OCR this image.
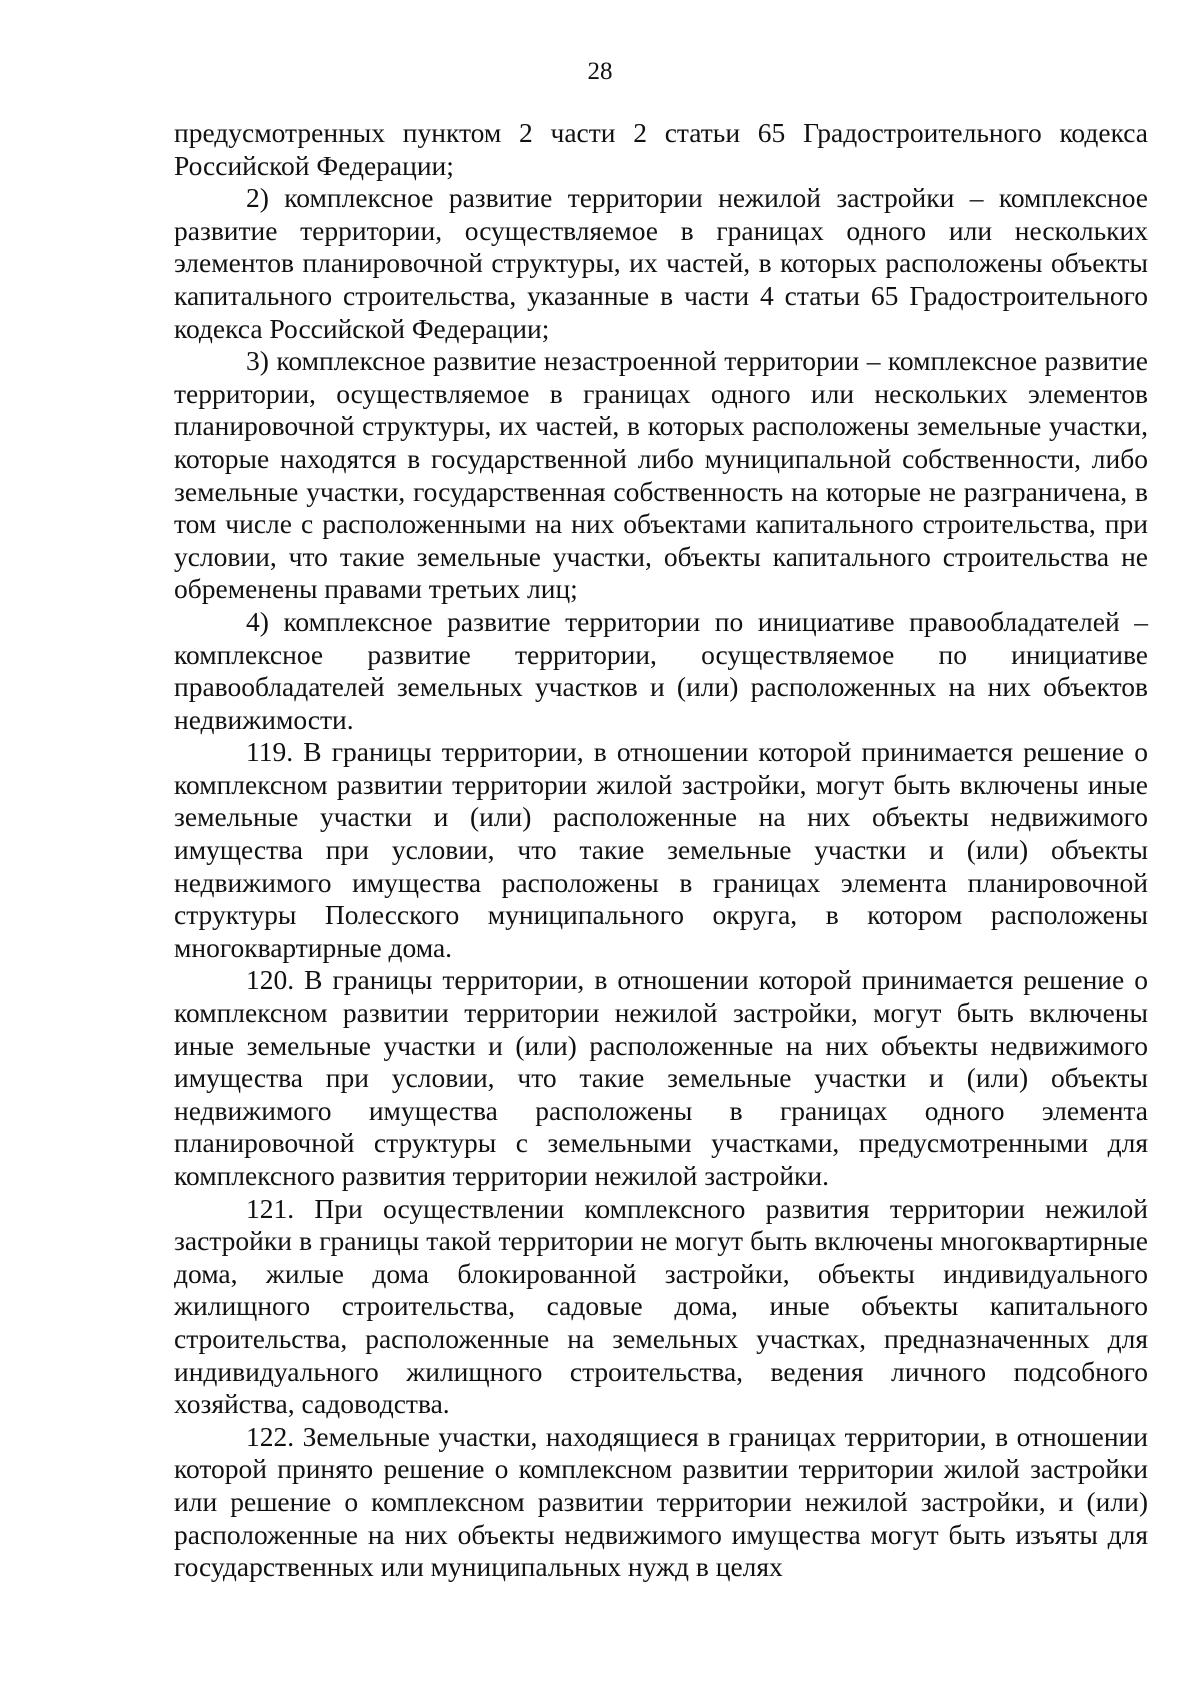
28

предусмотренных пунктом 2 части 2 статьи 65 Градостроительного кодекса Российской Федерации;

2) комплексное развитие территории нежилой застройки – комплексное развитие территории, осуществляемое в границах одного или нескольких элементов планировочной структуры, их частей, в которых расположены объекты капитального строительства, указанные в части 4 статьи 65 Градостроительного кодекса Российской Федерации;

3) комплексное развитие незастроенной территории – комплексное развитие территории, осуществляемое в границах одного или нескольких элементов планировочной структуры, их частей, в которых расположены земельные участки, которые находятся в государственной либо муниципальной собственности, либо земельные участки, государственная собственность на которые не разграничена, в том числе с расположенными на них объектами капитального строительства, при условии, что такие земельные участки, объекты капитального строительства не обременены правами третьих лиц;

4) комплексное развитие территории по инициативе правообладателей – комплексное развитие территории, осуществляемое по инициативе правообладателей земельных участков и (или) расположенных на них объектов недвижимости.

119. В границы территории, в отношении которой принимается решение о комплексном развитии территории жилой застройки, могут быть включены иные земельные участки и (или) расположенные на них объекты недвижимого имущества при условии, что такие земельные участки и (или) объекты недвижимого имущества расположены в границах элемента планировочной структуры Полесского муниципального округа, в котором расположены многоквартирные дома.

120. В границы территории, в отношении которой принимается решение о комплексном развитии территории нежилой застройки, могут быть включены иные земельные участки и (или) расположенные на них объекты недвижимого имущества при условии, что такие земельные участки и (или) объекты недвижимого имущества расположены в границах одного элемента планировочной структуры с земельными участками, предусмотренными для комплексного развития территории нежилой застройки.

121. При осуществлении комплексного развития территории нежилой застройки в границы такой территории не могут быть включены многоквартирные дома, жилые дома блокированной застройки, объекты индивидуального жилищного строительства, садовые дома, иные объекты капитального строительства, расположенные на земельных участках, предназначенных для индивидуального жилищного строительства, ведения личного подсобного хозяйства, садоводства.

122. Земельные участки, находящиеся в границах территории, в отношении которой принято решение о комплексном развитии территории жилой застройки или решение о комплексном развитии территории нежилой застройки, и (или) расположенные на них объекты недвижимого имущества могут быть изъяты для государственных или муниципальных нужд в целях
